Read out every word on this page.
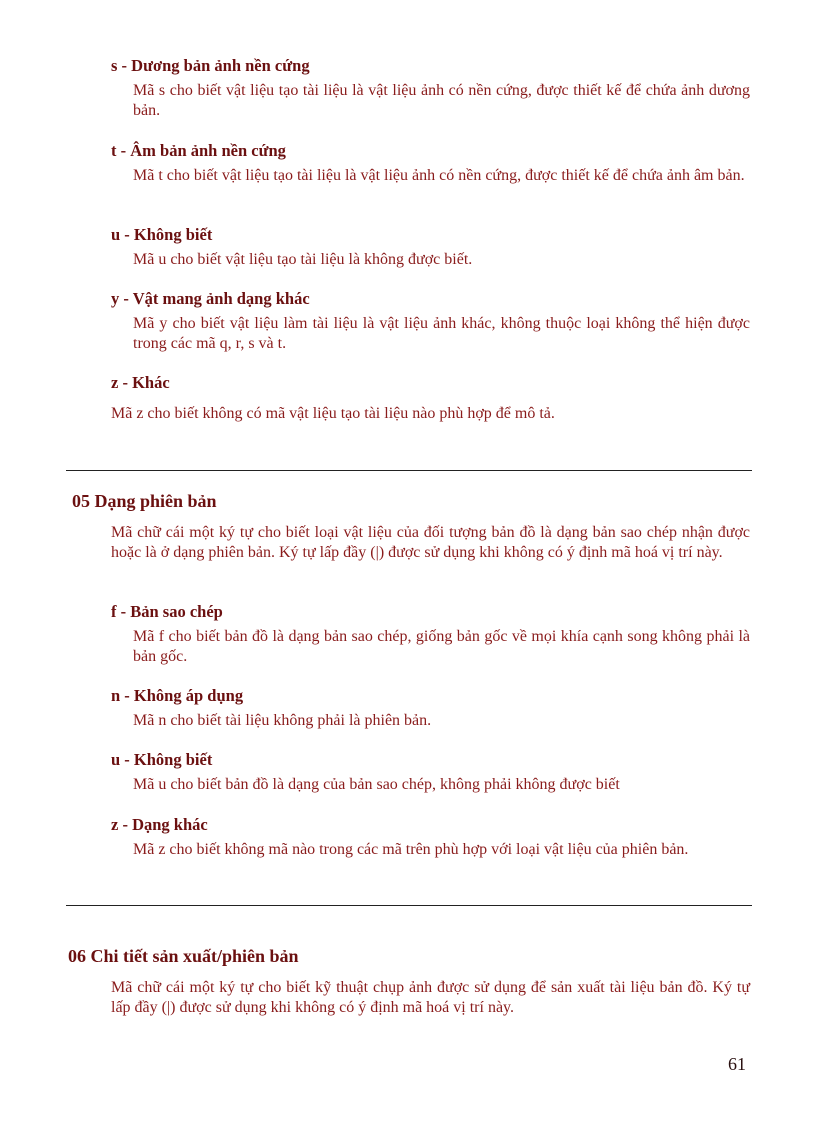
s - Dương bản ảnh nền cứng
Mã s cho biết vật liệu tạo tài liệu là vật liệu ảnh có nền cứng, được thiết kế để chứa ảnh dương bản.
t - Âm bản ảnh nền cứng
Mã t cho biết vật liệu tạo tài liệu là vật liệu ảnh có nền cứng, được thiết kế để chứa ảnh âm bản.
u - Không biết
Mã u cho biết vật liệu tạo tài liệu là không được biết.
y - Vật mang ảnh dạng khác
Mã y cho biết vật liệu làm tài liệu là vật liệu ảnh khác, không thuộc loại không thể hiện được trong các mã q, r, s và t.
z - Khác
Mã z cho biết không có mã vật liệu tạo tài liệu nào phù hợp để mô tả.
05 Dạng phiên bản
Mã chữ cái một ký tự cho biết loại vật liệu của đối tượng bản đồ là dạng bản sao chép nhận được hoặc là ở dạng phiên bản. Ký tự lấp đầy (|) được sử dụng khi không có ý định mã hoá vị trí này.
f - Bản sao chép
Mã f cho biết bản đồ là dạng bản sao chép, giống bản gốc về mọi khía cạnh song không phải là bản gốc.
n - Không áp dụng
Mã n cho biết tài liệu không phải là phiên bản.
u - Không biết
Mã u cho biết bản đồ là dạng của bản sao chép, không phải không được biết
z - Dạng khác
Mã z cho biết không mã nào trong các mã trên phù hợp với loại vật liệu của phiên bản.
06 Chi tiết sản xuất/phiên bản
Mã chữ cái một ký tự cho biết kỹ thuật chụp ảnh được sử dụng để sản xuất tài liệu bản đồ. Ký tự lấp đầy (|) được sử dụng khi không có ý định mã hoá vị trí này.
61
